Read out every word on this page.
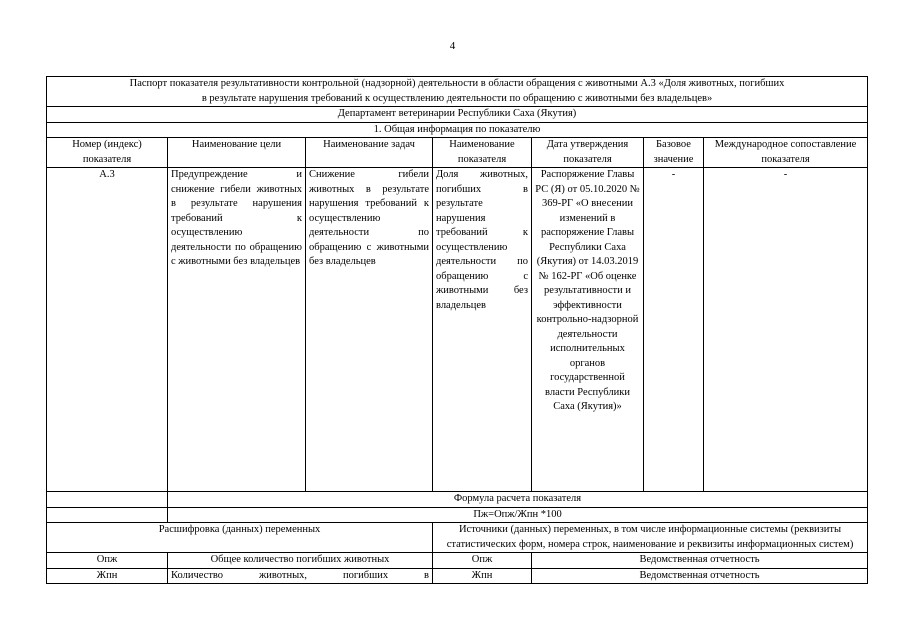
4
Паспорт показателя результативности контрольной (надзорной) деятельности в области обращения с животными А.3 «Доля животных, погибших
в результате нарушения требований к осуществлению деятельности по обращению с животными без владельцев»						

Департамент ветеринарии Республики Саха (Якутия)						
1. Общая информация по показателю						
Номер (индекс) показателя	Наименование цели	Наименование задач	Наименование показателя	Дата утверждения показателя	Базовое значение	Международное сопоставление показателя
А.3	Предупреждение и снижение гибели животных в результате нарушения требований к осуществлению деятельности по обращению с животными без владельцев	Снижение гибели животных в результате нарушения требований к осуществлению деятельности по обращению с животными без владельцев	Доля животных, погибших в результате нарушения требований к осуществлению деятельности по обращению с животными без владельцев	Распоряжение Главы РС (Я) от 05.10.2020 № 369-РГ «О внесении изменений в распоряжение Главы Республики Саха (Якутия) от 14.03.2019 № 162-РГ «Об оценке результативности и эффективности контрольно-надзорной деятельности исполнительных органов государственной власти Республики Саха (Якутия)»	-	-
	Формула расчета показателя					
	Пж=Опж/Жпн *100					
Расшифровка (данных) переменных			Источники (данных) переменных, в том числе информационные системы (реквизиты статистических форм, номера строк, наименование и реквизиты информационных систем)			
Опж	Общее количество погибших животных		Опж	Ведомственная отчетность		
Жпн	Количество животных, погибших в		Жпн	Ведомственная отчетность		
